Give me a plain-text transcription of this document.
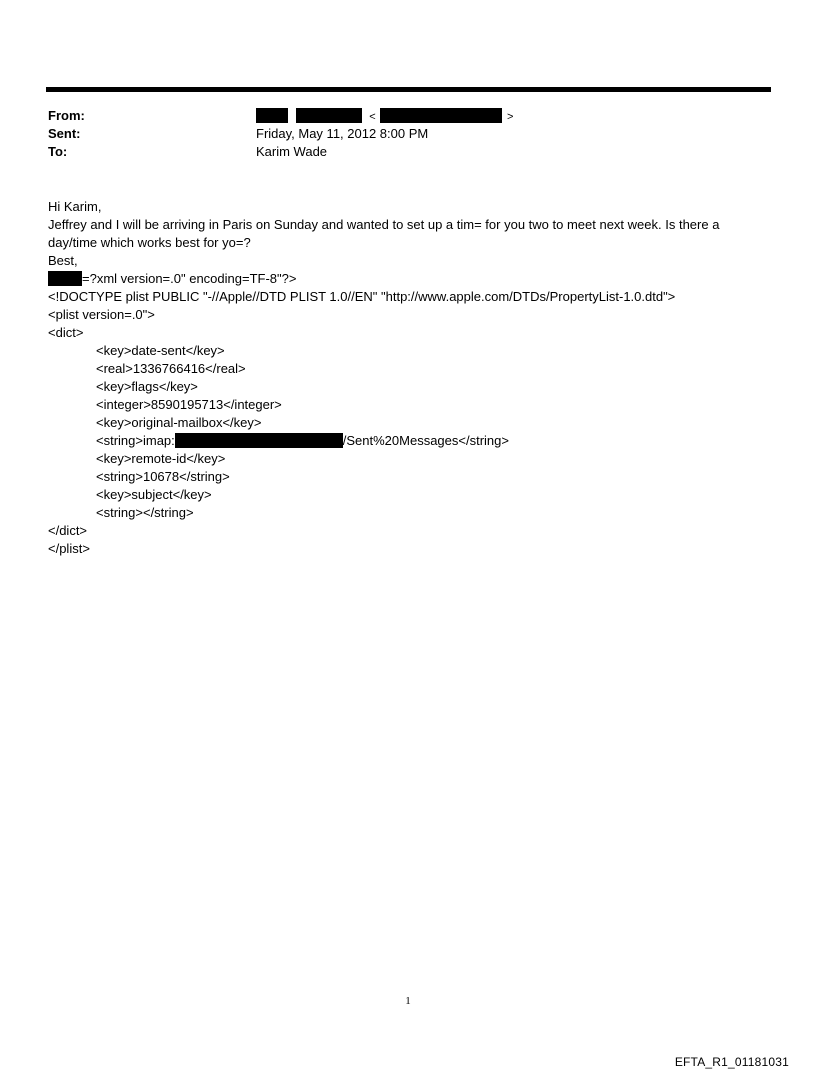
From:	<	>
Sent:	Friday, May 11, 2012 8:00 PM
To:	Karim Wade
Hi Karim,
Jeffrey and I will be arriving in Paris on Sunday and wanted to set up a tim= for you two to meet next week. Is there a
day/time which works best for yo=?
Best,
=?xml version=.0" encoding=TF-8"?>
<!DOCTYPE plist PUBLIC "-//Apple//DTD PLIST 1.0//EN" "http://www.apple.com/DTDs/PropertyList-1.0.dtd">
<plist version=.0">
<dict>
<key>date-sent</key>
<real>1336766416</real>
<key>flags</key>
<integer>8590195713</integer>
<key>original-mailbox</key>
<string>imap:	/Sent%20Messages</string>
<key>remote-id</key>
<string>10678</string>
<key>subject</key>
<string></string>
</dict>
</plist>
1
EFTA_R1_01181031
